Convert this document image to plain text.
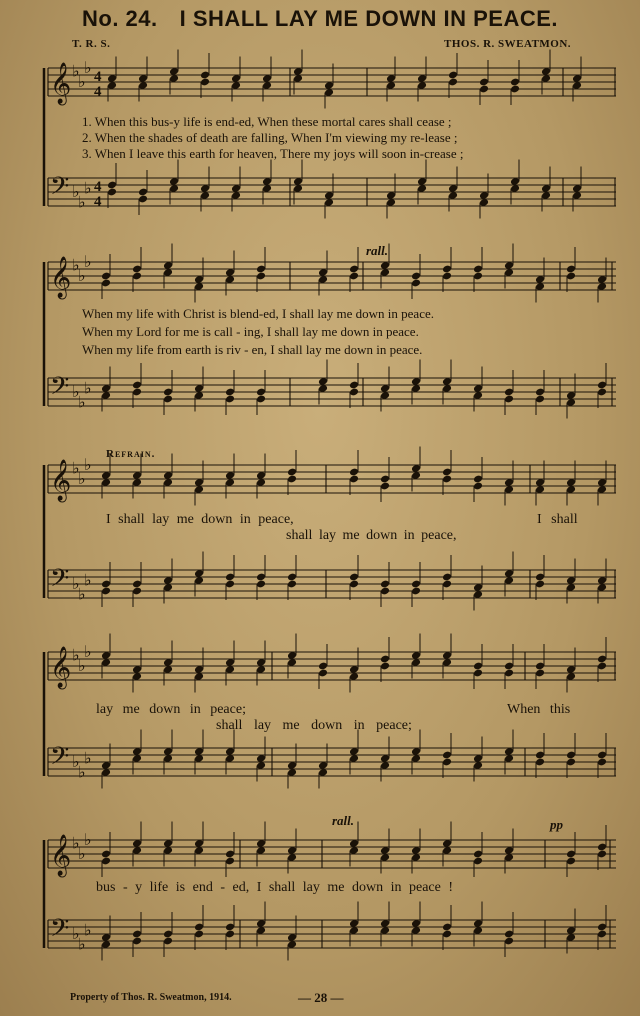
No. 24. I SHALL LAY ME DOWN IN PEACE.
T. R. S.	THOS. R. SWEATMON.
𝄞
𝄢
♭
♭
♭
♭
♭
♭
𝄞
𝄢
♭
♭
♭
♭
♭
♭
𝄞
𝄢
♭
♭
♭
♭
♭
♭
𝄞
𝄢
♭
♭
♭
♭
♭
♭
𝄞
𝄢
♭
♭
♭
♭
♭
♭
4
4
4
4
1. When this bus-y life is end-ed, When these mortal cares shall cease ;
2. When the shades of death are falling, When I'm viewing my re-lease ;
3. When I leave this earth for heaven, There my joys will soon in-crease ;
When my life with Christ is blend-ed, I shall lay me down in peace.
When my Lord for me is call - ing, I shall lay me down in peace.
When my life from earth is riv - en, I shall lay me down in peace.
rall.
Refrain.
rall.	pp
I shall lay me down in peace,	I shall
shall lay me down in peace,
lay me down in peace;	When this
shall lay me down in peace;
bus - y life is end - ed, I shall lay me down in peace !
Property of Thos. R. Sweatmon, 1914.	— 28 —
